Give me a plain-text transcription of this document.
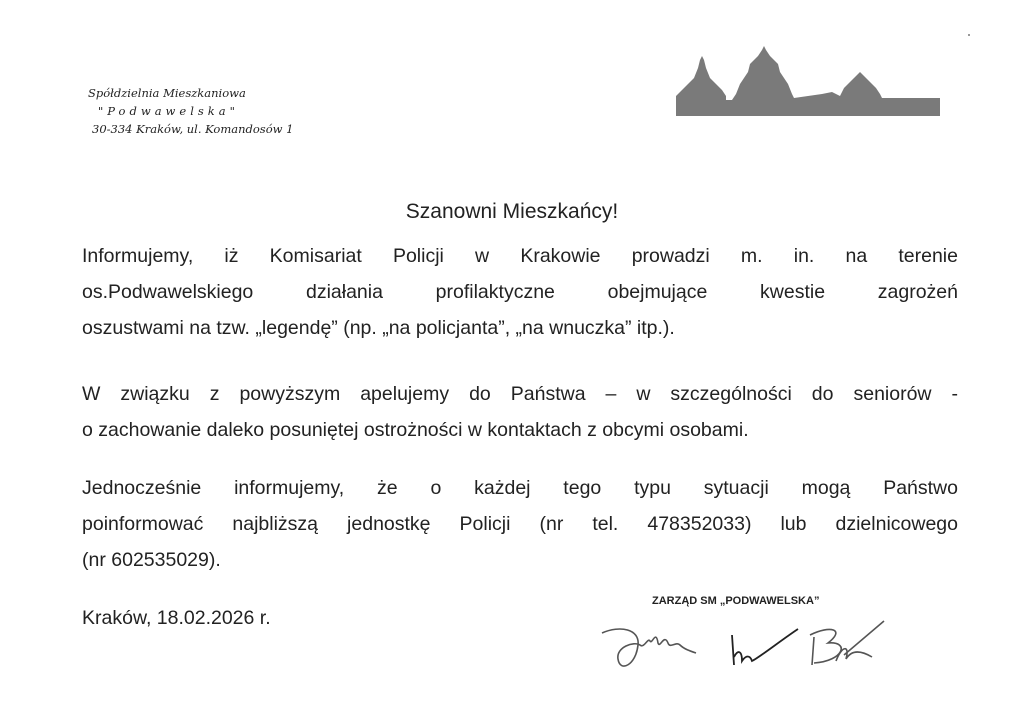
Spółdzielnia Mieszkaniowa
"Podwawelska"
30-334 Kraków, ul. Komandosów 1
Szanowni Mieszkańcy!
Informujemy, iż Komisariat Policji w Krakowie prowadzi m. in. na terenie
os.Podwawelskiego działania profilaktyczne obejmujące kwestie zagrożeń
oszustwami na tzw. „legendę” (np. „na policjanta”, „na wnuczka” itp.).
W związku z powyższym apelujemy do Państwa – w szczególności do seniorów -
o zachowanie daleko posuniętej ostrożności w kontaktach z obcymi osobami.
Jednocześnie informujemy, że o każdej tego typu sytuacji mogą Państwo
poinformować najbliższą jednostkę Policji (nr tel. 478352033) lub dzielnicowego
(nr 602535029).
Kraków, 18.02.2026 r.
ZARZĄD SM „PODWAWELSKA”
